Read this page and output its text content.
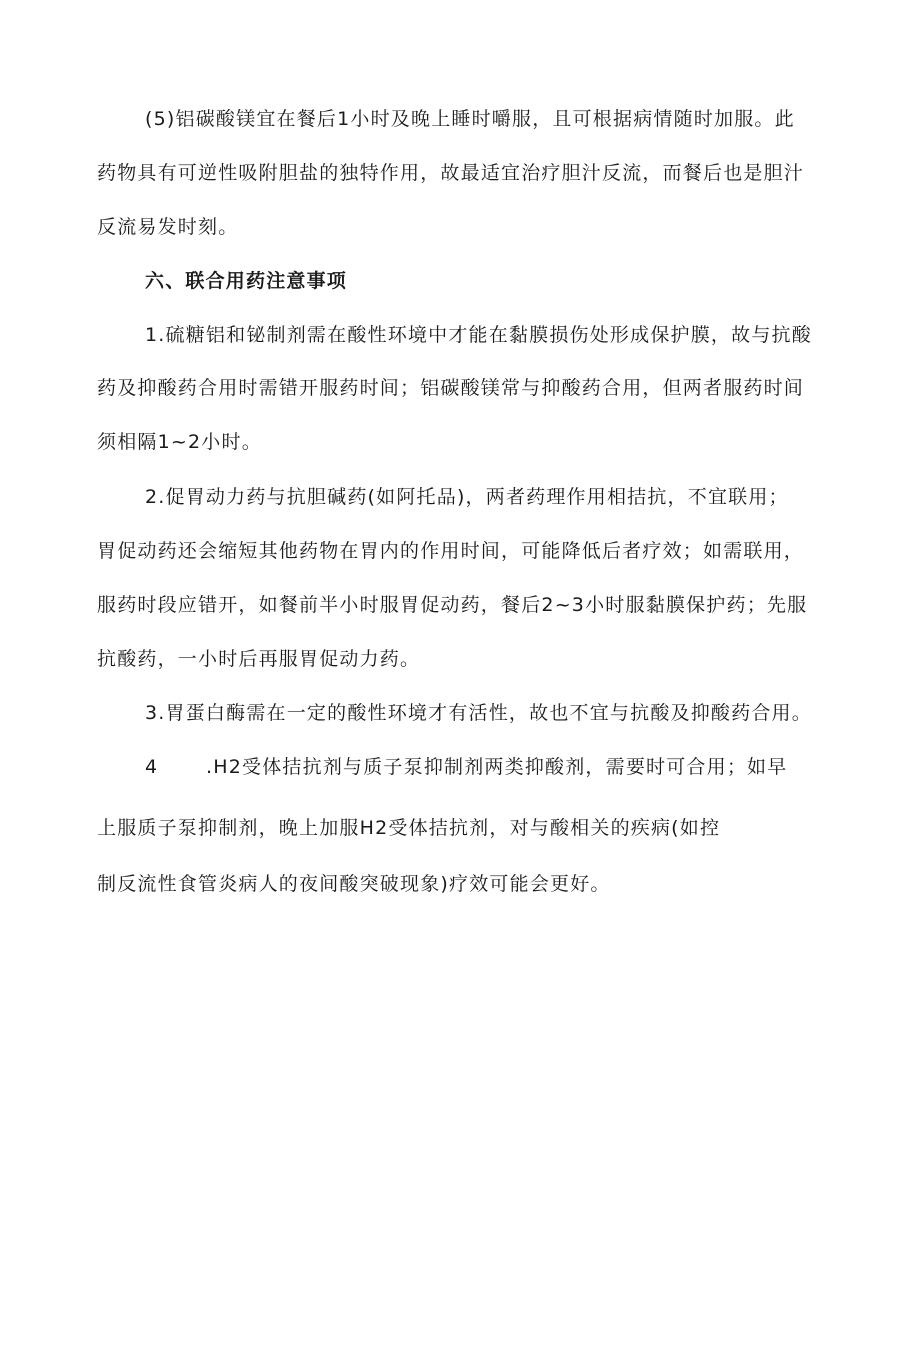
(5)铝碳酸镁宜在餐后1小时及晚上睡时嚼服，且可根据病情随时加服。此
药物具有可逆性吸附胆盐的独特作用，故最适宜治疗胆汁反流，而餐后也是胆汁
反流易发时刻。
六、联合用药注意事项
1.硫糖铝和铋制剂需在酸性环境中才能在黏膜损伤处形成保护膜，故与抗酸
药及抑酸药合用时需错开服药时间；铝碳酸镁常与抑酸药合用，但两者服药时间
须相隔1~2小时。
2.促胃动力药与抗胆碱药(如阿托品)，两者药理作用相拮抗，不宜联用；
胃促动药还会缩短其他药物在胃内的作用时间，可能降低后者疗效；如需联用，
服药时段应错开，如餐前半小时服胃促动药，餐后2~3小时服黏膜保护药；先服
抗酸药，一小时后再服胃促动力药。
3.胃蛋白酶需在一定的酸性环境才有活性，故也不宜与抗酸及抑酸药合用。
4	.H2受体拮抗剂与质子泵抑制剂两类抑酸剂，需要时可合用；如早
上服质子泵抑制剂，晚上加服H2受体拮抗剂，对与酸相关的疾病(如控
制反流性食管炎病人的夜间酸突破现象)疗效可能会更好。
